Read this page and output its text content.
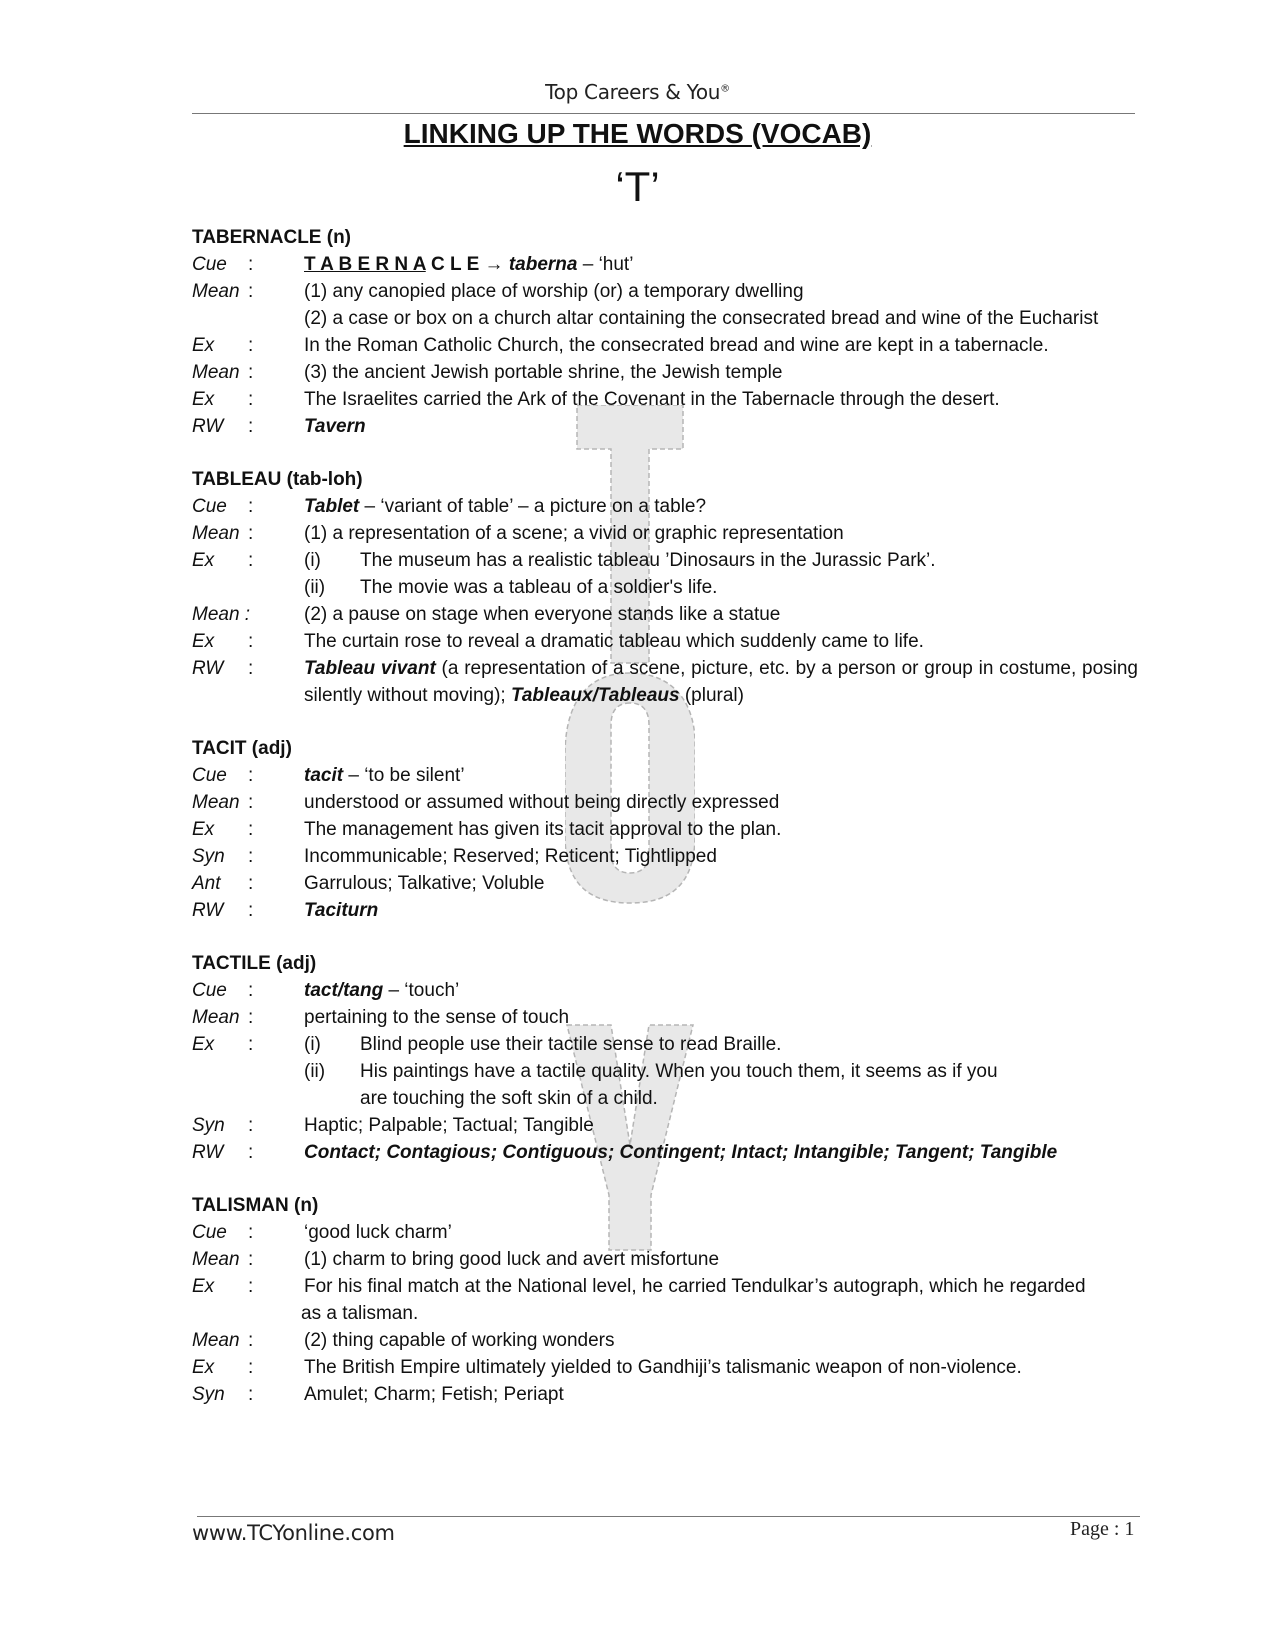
Top Careers & You®
LINKING UP THE WORDS (VOCAB)
‘T’
TABERNACLE (n)
Cue :	T A B E R N A C L E → taberna – ‘hut’
Mean :	(1) any canopied place of worship (or) a temporary dwelling
(2) a case or box on a church altar containing the consecrated bread and wine of the Eucharist
Ex :	In the Roman Catholic Church, the consecrated bread and wine are kept in a tabernacle.
Mean :	(3) the ancient Jewish portable shrine, the Jewish temple
Ex :	The Israelites carried the Ark of the Covenant in the Tabernacle through the desert.
RW :	Tavern
TABLEAU (tab-loh)
Cue :	Tablet – ‘variant of table’ – a picture on a table?
Mean :	(1) a representation of a scene; a vivid or graphic representation
Ex :	(i)	The museum has a realistic tableau ’Dinosaurs in the Jurassic Park’.
(ii)	The movie was a tableau of a soldier's life.
Mean :	(2) a pause on stage when everyone stands like a statue
Ex :	The curtain rose to reveal a dramatic tableau which suddenly came to life.
RW :	Tableau vivant (a representation of a scene, picture, etc. by a person or group in costume, posing silently without moving); Tableaux/Tableaus (plural)
TACIT (adj)
Cue :	tacit – ‘to be silent’
Mean :	understood or assumed without being directly expressed
Ex :	The management has given its tacit approval to the plan.
Syn :	Incommunicable; Reserved; Reticent; Tightlipped
Ant :	Garrulous; Talkative; Voluble
RW :	Taciturn
TACTILE (adj)
Cue :	tact/tang – ‘touch’
Mean :	pertaining to the sense of touch
Ex :	(i)	Blind people use their tactile sense to read Braille.
(ii)	His paintings have a tactile quality. When you touch them, it seems as if you are touching the soft skin of a child.
Syn :	Haptic; Palpable; Tactual; Tangible
RW :	Contact; Contagious; Contiguous; Contingent; Intact; Intangible; Tangent; Tangible
TALISMAN (n)
Cue :	‘good luck charm’
Mean :	(1) charm to bring good luck and avert misfortune
Ex :	For his final match at the National level, he carried Tendulkar’s autograph, which he regarded
as a talisman.
Mean :	(2) thing capable of working wonders
Ex :	The British Empire ultimately yielded to Gandhiji’s talismanic weapon of non-violence.
Syn :	Amulet; Charm; Fetish; Periapt
www.TCYonline.com	Page : 1
